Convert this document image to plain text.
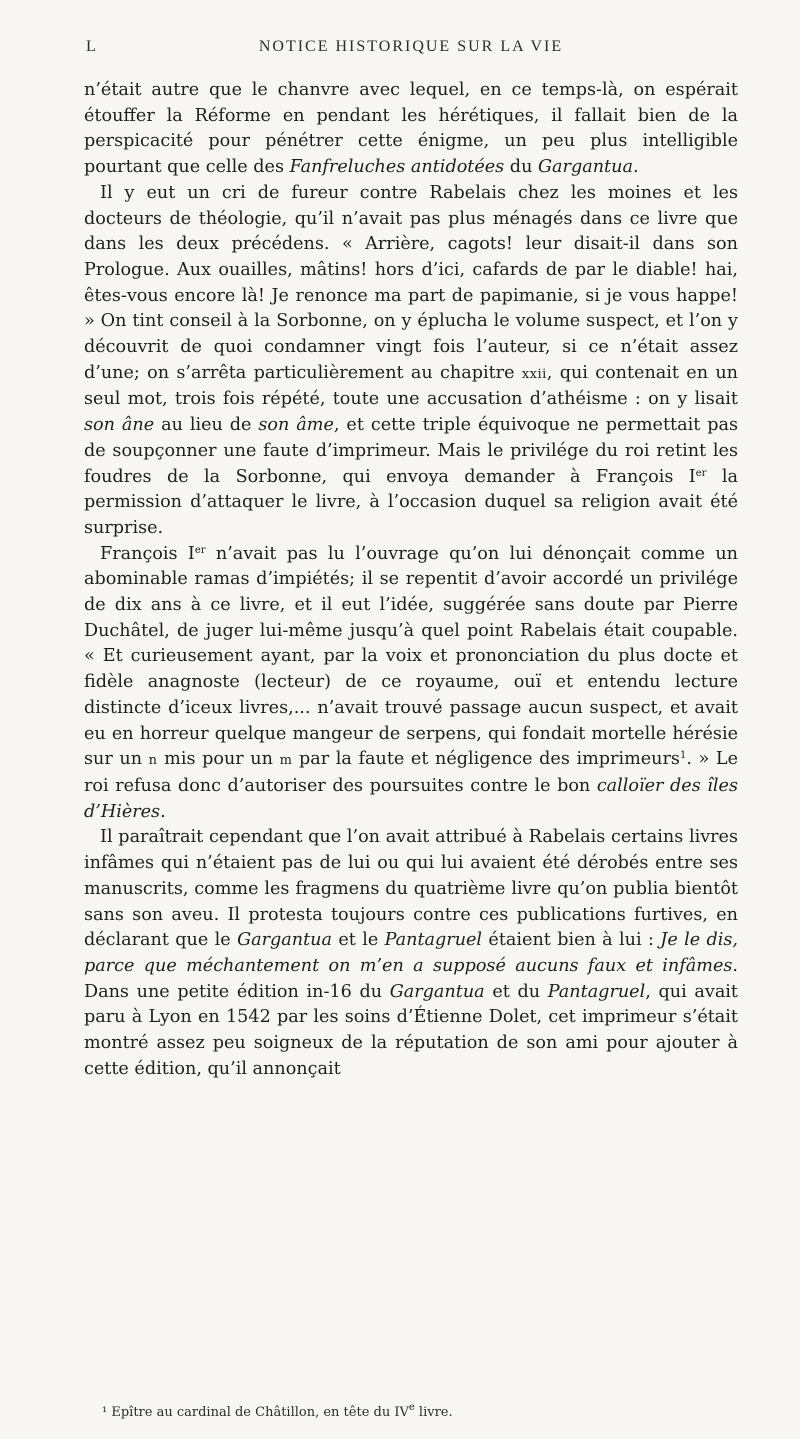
L	NOTICE HISTORIQUE SUR LA VIE

n’était autre que le chanvre avec lequel, en ce temps-là, on espérait étouffer la Réforme en pendant les hérétiques, il fallait bien de la perspicacité pour pénétrer cette énigme, un peu plus intelligible pourtant que celle des Fanfreluches antidotées du Gargantua.

Il y eut un cri de fureur contre Rabelais chez les moines et les docteurs de théologie, qu’il n’avait pas plus ménagés dans ce livre que dans les deux précédens. « Arrière, cagots! leur disait-il dans son Prologue. Aux ouailles, mâtins! hors d’ici, cafards de par le diable! hai, êtes-vous encore là! Je renonce ma part de papimanie, si je vous happe! » On tint conseil à la Sorbonne, on y éplucha le volume suspect, et l’on y découvrit de quoi condamner vingt fois l’auteur, si ce n’était assez d’une; on s’arrêta particulièrement au chapitre xxii, qui contenait en un seul mot, trois fois répété, toute une accusation d’athéisme : on y lisait son âne au lieu de son âme, et cette triple équivoque ne permettait pas de soupçonner une faute d’imprimeur. Mais le privilége du roi retint les foudres de la Sorbonne, qui envoya demander à François Ier la permission d’attaquer le livre, à l’occasion duquel sa religion avait été surprise.

François Ier n’avait pas lu l’ouvrage qu’on lui dénonçait comme un abominable ramas d’impiétés; il se repentit d’avoir accordé un privilége de dix ans à ce livre, et il eut l’idée, suggérée sans doute par Pierre Duchâtel, de juger lui-même jusqu’à quel point Rabelais était coupable. « Et curieusement ayant, par la voix et prononciation du plus docte et fidèle anagnoste (lecteur) de ce royaume, ouï et entendu lecture distincte d’iceux livres,... n’avait trouvé passage aucun suspect, et avait eu en horreur quelque mangeur de serpens, qui fondait mortelle hérésie sur un n mis pour un m par la faute et négligence des imprimeurs$^1$. » Le roi refusa donc d’autoriser des poursuites contre le bon calloïer des îles d’Hières.

Il paraîtrait cependant que l’on avait attribué à Rabelais certains livres infâmes qui n’étaient pas de lui ou qui lui avaient été dérobés entre ses manuscrits, comme les fragmens du quatrième livre qu’on publia bientôt sans son aveu. Il protesta toujours contre ces publications furtives, en déclarant que le Gargantua et le Pantagruel étaient bien à lui : Je le dis, parce que méchantement on m’en a supposé aucuns faux et infâmes. Dans une petite édition in-16 du Gargantua et du Pantagruel, qui avait paru à Lyon en 1542 par les soins d’Étienne Dolet, cet imprimeur s’était montré assez peu soigneux de la réputation de son ami pour ajouter à cette édition, qu’il annonçait

¹ Epître au cardinal de Châtillon, en tête du IVe livre.
